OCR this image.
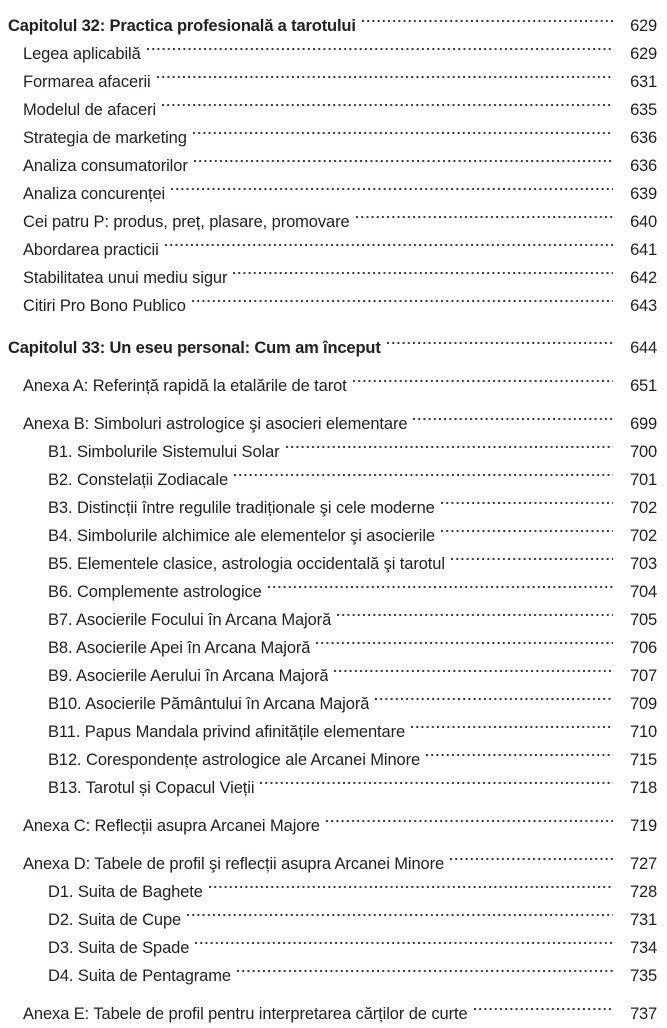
Capitolul 32: Practica profesională a tarotului	629
Legea aplicabilă	629
Formarea afacerii	631
Modelul de afaceri	635
Strategia de marketing	636
Analiza consumatorilor	636
Analiza concurenței	639
Cei patru P: produs, preț, plasare, promovare	640
Abordarea practicii	641
Stabilitatea unui mediu sigur	642
Citiri Pro Bono Publico	643
Capitolul 33: Un eseu personal: Cum am început	644
Anexa A: Referință rapidă la etalările de tarot	651
Anexa B: Simboluri astrologice şi asocieri elementare	699
B1. Simbolurile Sistemului Solar	700
B2. Constelații Zodiacale	701
B3. Distincții între regulile tradiționale şi cele moderne	702
B4. Simbolurile alchimice ale elementelor şi asocierile	702
B5. Elementele clasice, astrologia occidentală şi tarotul	703
B6. Complemente astrologice	704
B7. Asocierile Focului în Arcana Majoră	705
B8. Asocierile Apei în Arcana Majoră	706
B9. Asocierile Aerului în Arcana Majoră	707
B10. Asocierile Pământului în Arcana Majoră	709
B11. Papus Mandala privind afinitățile elementare	710
B12. Corespondențe astrologice ale Arcanei Minore	715
B13. Tarotul și Copacul Vieții	718
Anexa C: Reflecții asupra Arcanei Majore	719
Anexa D: Tabele de profil şi reflecții asupra Arcanei Minore	727
D1. Suita de Baghete	728
D2. Suita de Cupe	731
D3. Suita de Spade	734
D4. Suita de Pentagrame	735
Anexa E: Tabele de profil pentru interpretarea cărților de curte	737
